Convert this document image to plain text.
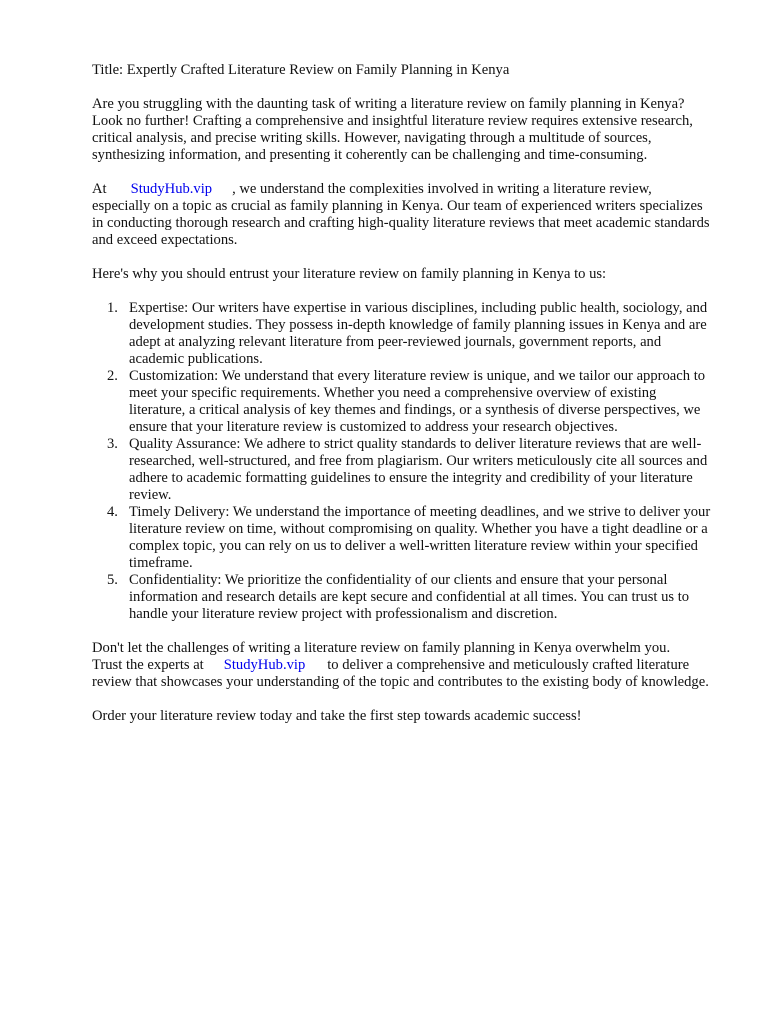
Title: Expertly Crafted Literature Review on Family Planning in Kenya

Are you struggling with the daunting task of writing a literature review on family planning in Kenya? Look no further! Crafting a comprehensive and insightful literature review requires extensive research, critical analysis, and precise writing skills. However, navigating through a multitude of sources, synthesizing information, and presenting it coherently can be challenging and time-consuming.

At StudyHub.vip , we understand the complexities involved in writing a literature review, especially on a topic as crucial as family planning in Kenya. Our team of experienced writers specializes in conducting thorough research and crafting high-quality literature reviews that meet academic standards and exceed expectations.

Here's why you should entrust your literature review on family planning in Kenya to us:

1. Expertise: Our writers have expertise in various disciplines, including public health, sociology, and development studies. They possess in-depth knowledge of family planning issues in Kenya and are adept at analyzing relevant literature from peer-reviewed journals, government reports, and academic publications.
2. Customization: We understand that every literature review is unique, and we tailor our approach to meet your specific requirements. Whether you need a comprehensive overview of existing literature, a critical analysis of key themes and findings, or a synthesis of diverse perspectives, we ensure that your literature review is customized to address your research objectives.
3. Quality Assurance: We adhere to strict quality standards to deliver literature reviews that are well-researched, well-structured, and free from plagiarism. Our writers meticulously cite all sources and adhere to academic formatting guidelines to ensure the integrity and credibility of your literature review.
4. Timely Delivery: We understand the importance of meeting deadlines, and we strive to deliver your literature review on time, without compromising on quality. Whether you have a tight deadline or a complex topic, you can rely on us to deliver a well-written literature review within your specified timeframe.
5. Confidentiality: We prioritize the confidentiality of our clients and ensure that your personal information and research details are kept secure and confidential at all times. You can trust us to handle your literature review project with professionalism and discretion.

Don't let the challenges of writing a literature review on family planning in Kenya overwhelm you.
Trust the experts at StudyHub.vip to deliver a comprehensive and meticulously crafted literature review that showcases your understanding of the topic and contributes to the existing body of knowledge.

Order your literature review today and take the first step towards academic success!
